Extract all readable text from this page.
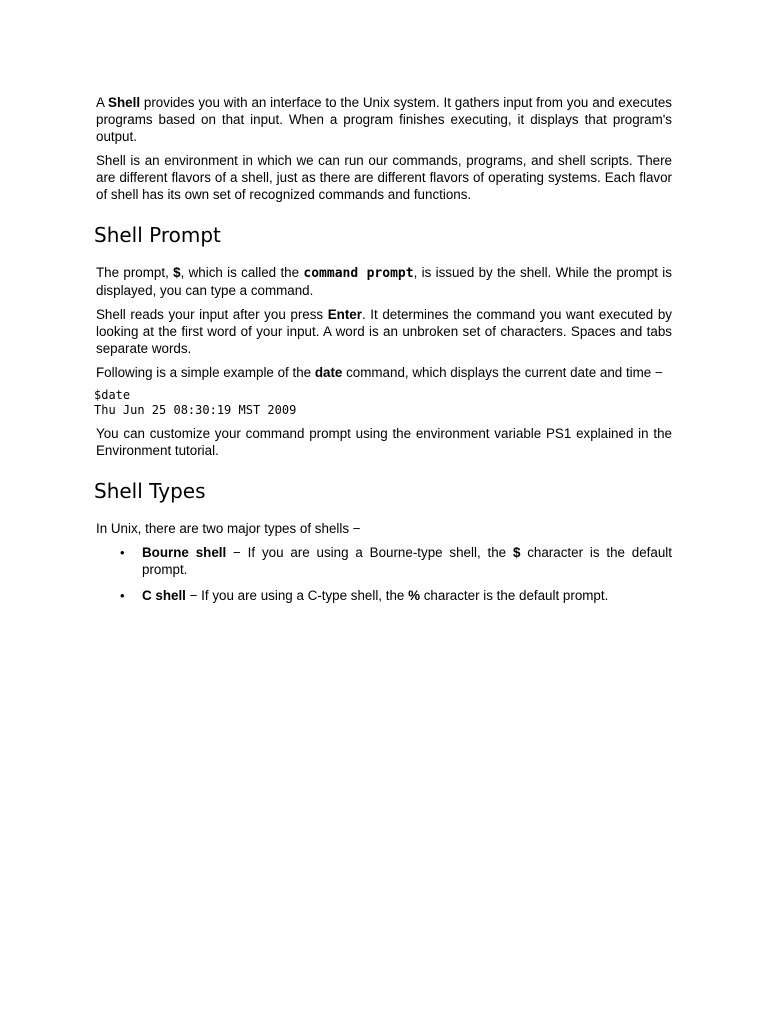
A Shell provides you with an interface to the Unix system. It gathers input from you and executes programs based on that input. When a program finishes executing, it displays that program's output.

Shell is an environment in which we can run our commands, programs, and shell scripts. There are different flavors of a shell, just as there are different flavors of operating systems. Each flavor of shell has its own set of recognized commands and functions.

Shell Prompt

The prompt, $, which is called the command prompt, is issued by the shell. While the prompt is displayed, you can type a command.

Shell reads your input after you press Enter. It determines the command you want executed by looking at the first word of your input. A word is an unbroken set of characters. Spaces and tabs separate words.

Following is a simple example of the date command, which displays the current date and time −

$date
Thu Jun 25 08:30:19 MST 2009

You can customize your command prompt using the environment variable PS1 explained in the Environment tutorial.

Shell Types

In Unix, there are two major types of shells −

• Bourne shell − If you are using a Bourne-type shell, the $ character is the default prompt.
• C shell − If you are using a C-type shell, the % character is the default prompt.
